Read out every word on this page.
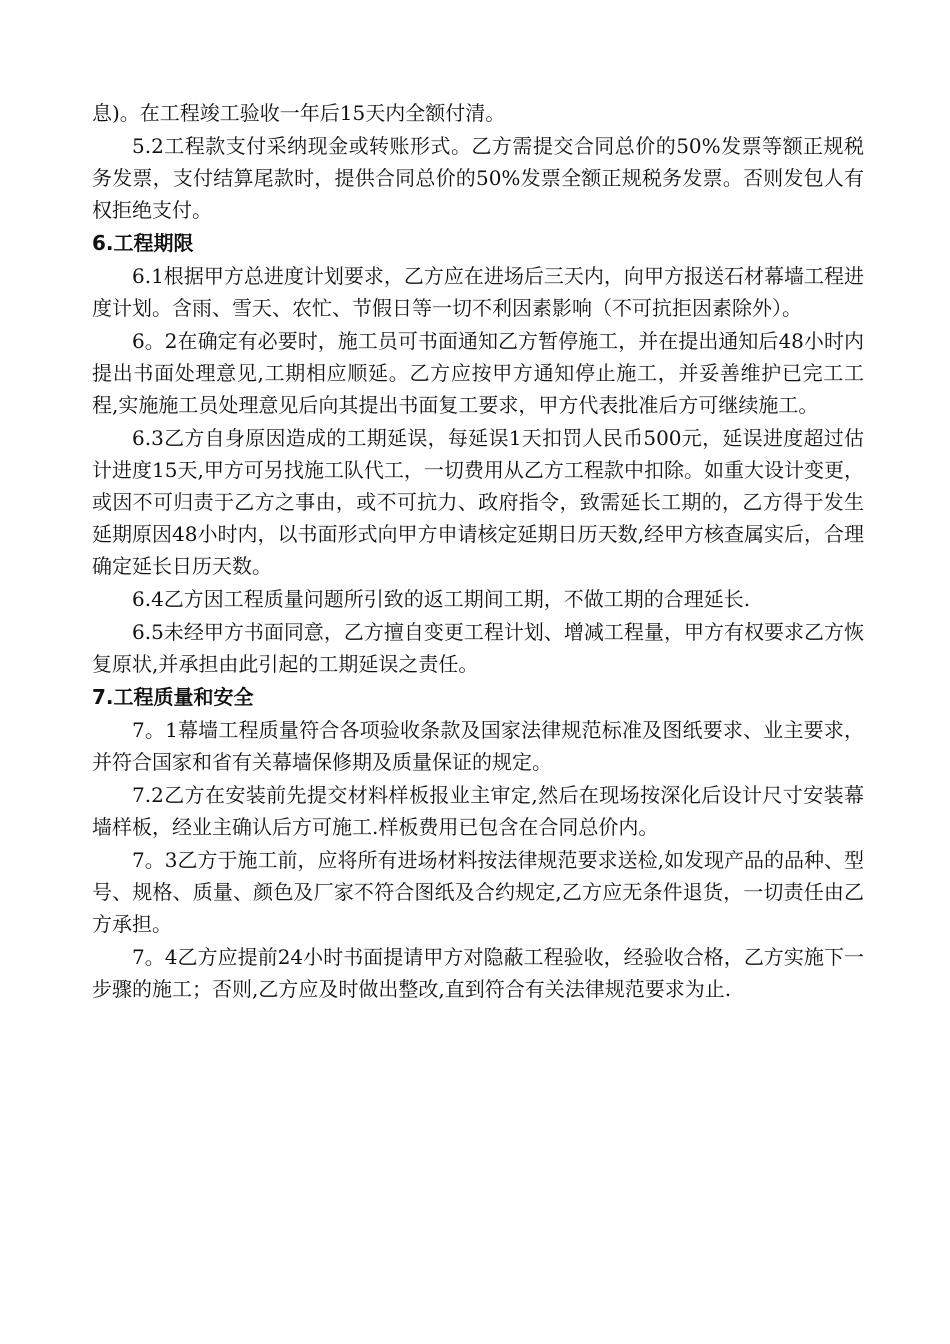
息)。在工程竣工验收一年后15天内全额付清。

5.2工程款支付采纳现金或转账形式。乙方需提交合同总价的50%发票等额正规税务发票，支付结算尾款时，提供合同总价的50%发票全额正规税务发票。否则发包人有权拒绝支付。

6.工程期限

6.1根据甲方总进度计划要求，乙方应在进场后三天内，向甲方报送石材幕墙工程进度计划。含雨、雪天、农忙、节假日等一切不利因素影响（不可抗拒因素除外）。

6。2在确定有必要时，施工员可书面通知乙方暂停施工，并在提出通知后48小时内提出书面处理意见,工期相应顺延。乙方应按甲方通知停止施工，并妥善维护已完工工程,实施施工员处理意见后向其提出书面复工要求，甲方代表批准后方可继续施工。

6.3乙方自身原因造成的工期延误，每延误1天扣罚人民币500元，延误进度超过估计进度15天,甲方可另找施工队代工，一切费用从乙方工程款中扣除。如重大设计变更，或因不可归责于乙方之事由，或不可抗力、政府指令，致需延长工期的，乙方得于发生延期原因48小时内，以书面形式向甲方申请核定延期日历天数,经甲方核查属实后，合理确定延长日历天数。

6.4乙方因工程质量问题所引致的返工期间工期，不做工期的合理延长.

6.5未经甲方书面同意，乙方擅自变更工程计划、增减工程量，甲方有权要求乙方恢复原状,并承担由此引起的工期延误之责任。

7.工程质量和安全

7。1幕墙工程质量符合各项验收条款及国家法律规范标准及图纸要求、业主要求，并符合国家和省有关幕墙保修期及质量保证的规定。

7.2乙方在安装前先提交材料样板报业主审定,然后在现场按深化后设计尺寸安装幕墙样板，经业主确认后方可施工.样板费用已包含在合同总价内。

7。3乙方于施工前，应将所有进场材料按法律规范要求送检,如发现产品的品种、型号、规格、质量、颜色及厂家不符合图纸及合约规定,乙方应无条件退货，一切责任由乙方承担。

7。4乙方应提前24小时书面提请甲方对隐蔽工程验收，经验收合格，乙方实施下一步骤的施工；否则,乙方应及时做出整改,直到符合有关法律规范要求为止.
